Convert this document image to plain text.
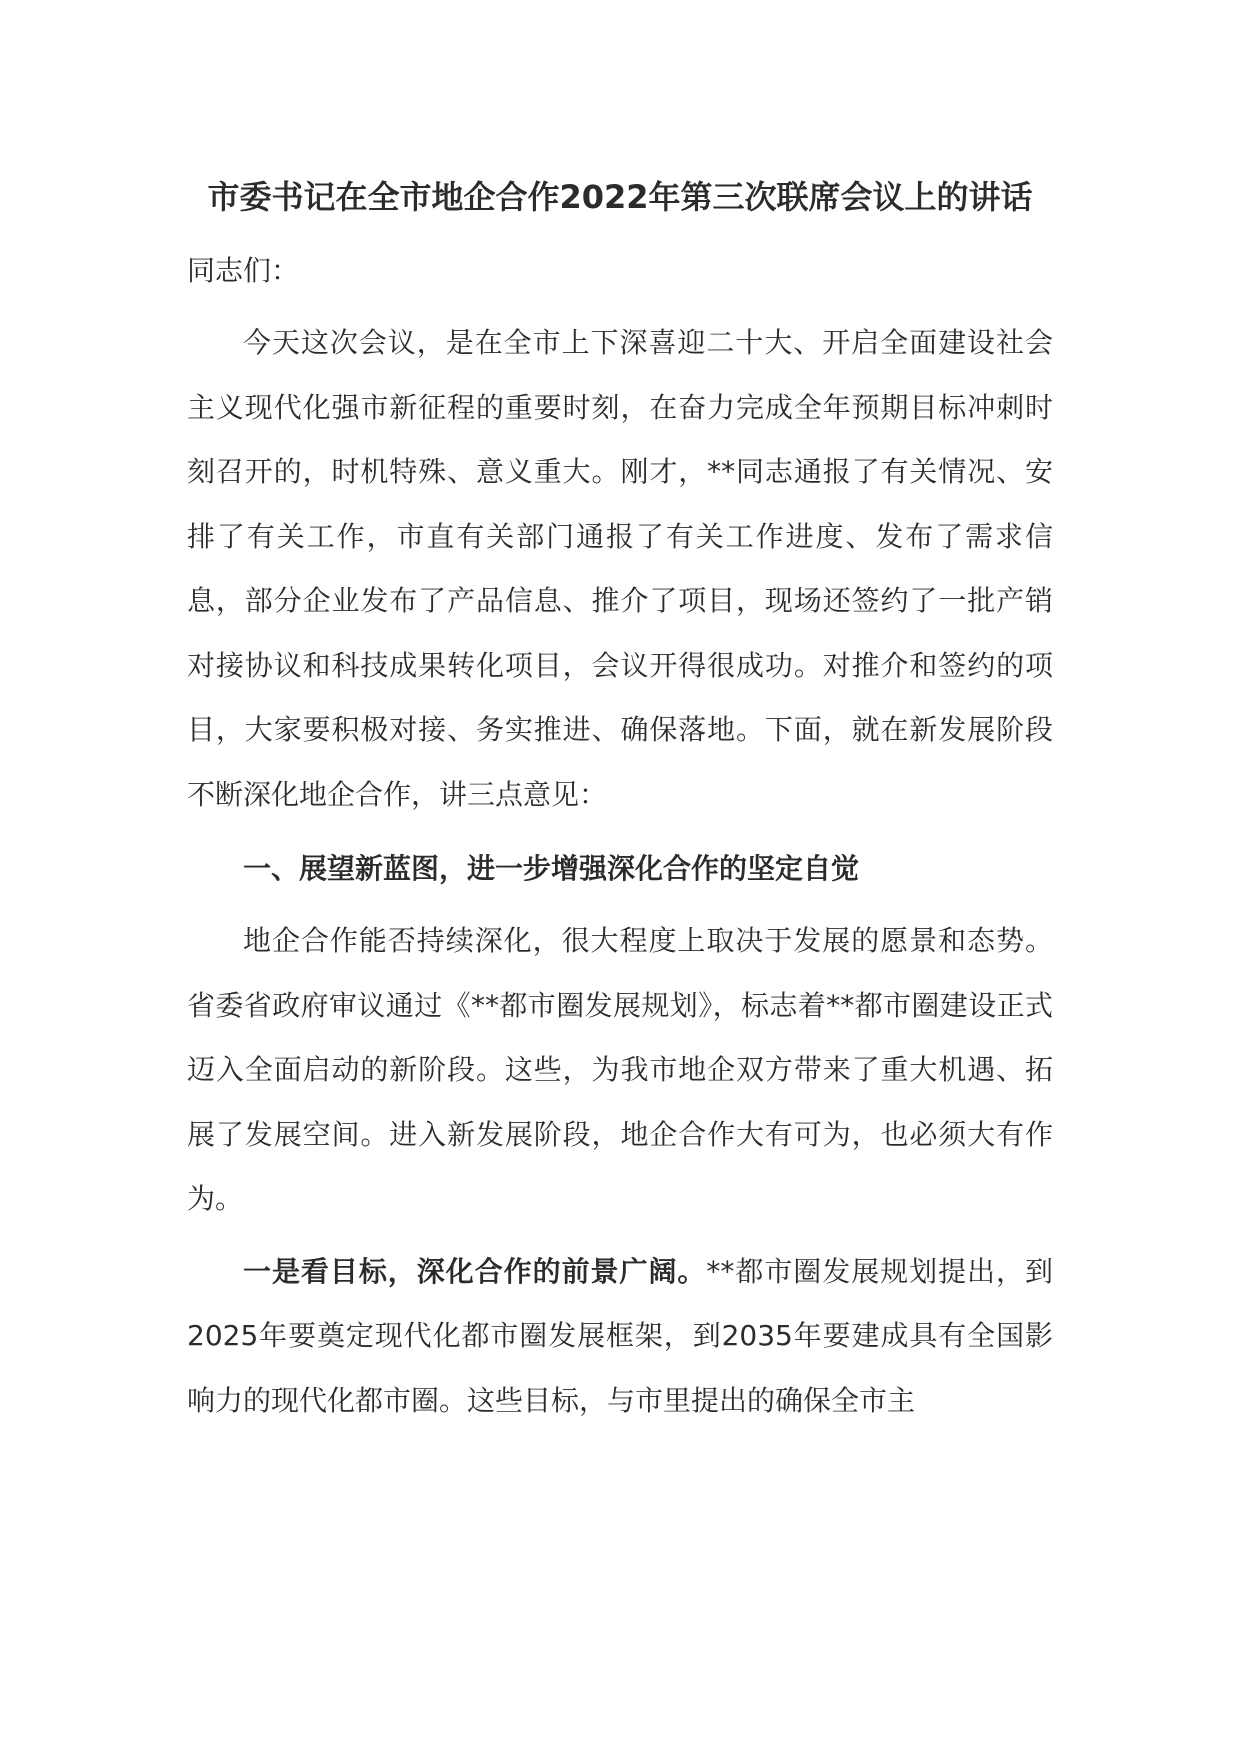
市委书记在全市地企合作2022年第三次联席会议上的讲话

同志们：

今天这次会议，是在全市上下深喜迎二十大、开启全面建设社会主义现代化强市新征程的重要时刻，在奋力完成全年预期目标冲刺时刻召开的，时机特殊、意义重大。刚才，**同志通报了有关情况、安排了有关工作，市直有关部门通报了有关工作进度、发布了需求信息，部分企业发布了产品信息、推介了项目，现场还签约了一批产销对接协议和科技成果转化项目，会议开得很成功。对推介和签约的项目，大家要积极对接、务实推进、确保落地。下面，就在新发展阶段不断深化地企合作，讲三点意见：

一、展望新蓝图，进一步增强深化合作的坚定自觉

地企合作能否持续深化，很大程度上取决于发展的愿景和态势。省委省政府审议通过《**都市圈发展规划》，标志着**都市圈建设正式迈入全面启动的新阶段。这些，为我市地企双方带来了重大机遇、拓展了发展空间。进入新发展阶段，地企合作大有可为，也必须大有作为。

一是看目标，深化合作的前景广阔。**都市圈发展规划提出，到2025年要奠定现代化都市圈发展框架，到2035年要建成具有全国影响力的现代化都市圈。这些目标，与市里提出的确保全市主
